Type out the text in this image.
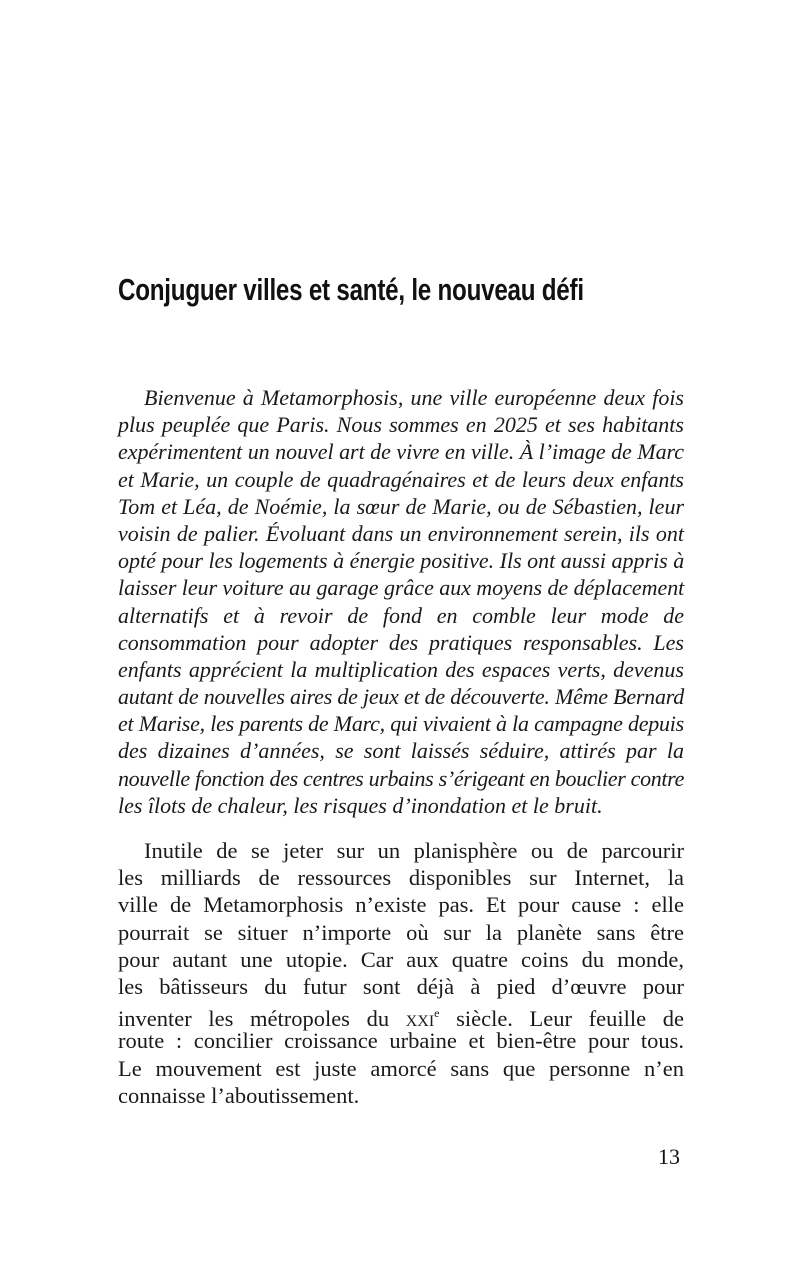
Conjuguer villes et santé, le nouveau défi
Bienvenue à Metamorphosis, une ville européenne deux fois
plus peuplée que Paris. Nous sommes en 2025 et ses habitants
expérimentent un nouvel art de vivre en ville. À l’image de Marc
et Marie, un couple de quadragénaires et de leurs deux enfants
Tom et Léa, de Noémie, la sœur de Marie, ou de Sébastien, leur
voisin de palier. Évoluant dans un environnement serein, ils ont
opté pour les logements à énergie positive. Ils ont aussi appris à
laisser leur voiture au garage grâce aux moyens de déplacement
alternatifs et à revoir de fond en comble leur mode de
consommation pour adopter des pratiques responsables. Les
enfants apprécient la multiplication des espaces verts, devenus
autant de nouvelles aires de jeux et de découverte. Même Bernard
et Marise, les parents de Marc, qui vivaient à la campagne depuis
des dizaines d’années, se sont laissés séduire, attirés par la
nouvelle fonction des centres urbains s’érigeant en bouclier contre
les îlots de chaleur, les risques d’inondation et le bruit.
Inutile de se jeter sur un planisphère ou de parcourir
les milliards de ressources disponibles sur Internet, la
ville de Metamorphosis n’existe pas. Et pour cause : elle
pourrait se situer n’importe où sur la planète sans être
pour autant une utopie. Car aux quatre coins du monde,
les bâtisseurs du futur sont déjà à pied d’œuvre pour
inventer les métropoles du xxi$^e$ siècle. Leur feuille de
route : concilier croissance urbaine et bien-être pour tous.
Le mouvement est juste amorcé sans que personne n’en
connaisse l’aboutissement.
13
